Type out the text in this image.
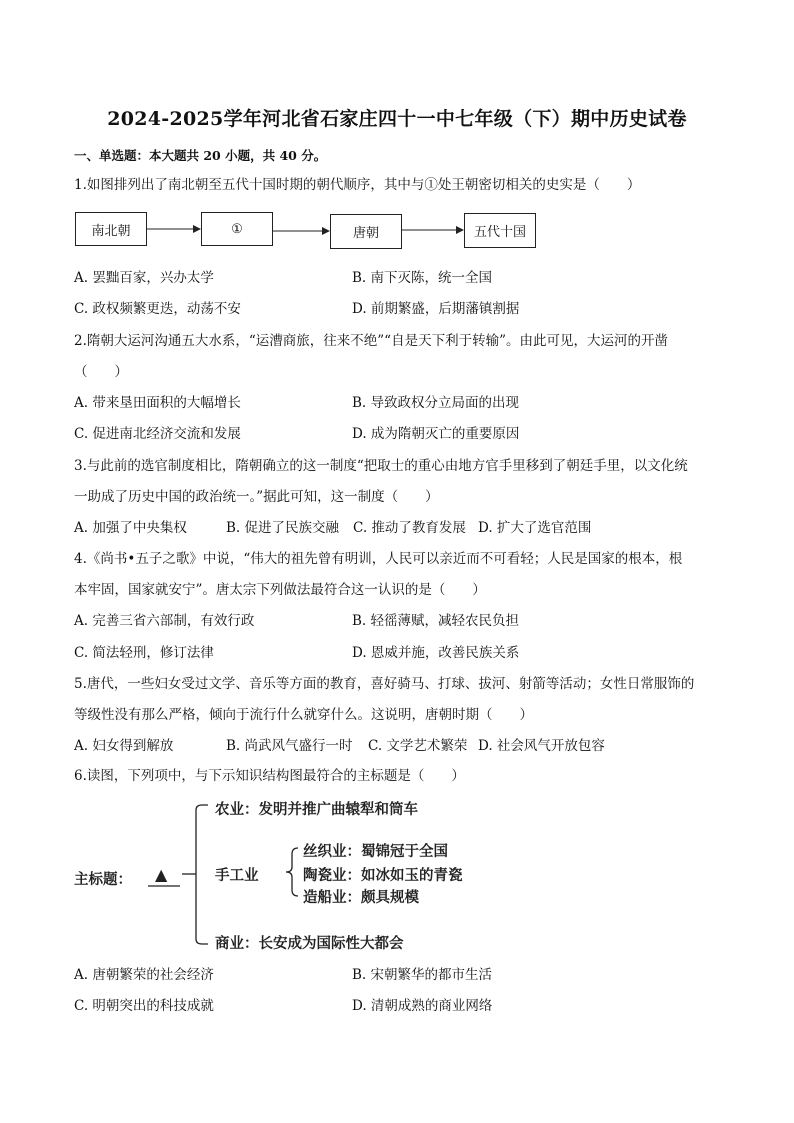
2024-2025学年河北省石家庄四十一中七年级（下）期中历史试卷
一、单选题：本大题共 20 小题，共 40 分。
1.如图排列出了南北朝至五代十国时期的朝代顺序，其中与①处王朝密切相关的史实是（　　）
南北朝	①	唐朝	五代十国
A. 罢黜百家，兴办太学	B. 南下灭陈，统一全国
C. 政权频繁更迭，动荡不安	D. 前期繁盛，后期藩镇割据
2.隋朝大运河沟通五大水系，“运漕商旅，往来不绝”“自是天下利于转输”。由此可见，大运河的开凿
（　　）
A. 带来垦田面积的大幅增长	B. 导致政权分立局面的出现
C. 促进南北经济交流和发展	D. 成为隋朝灭亡的重要原因
3.与此前的选官制度相比，隋朝确立的这一制度“把取士的重心由地方官手里移到了朝廷手里，以文化统
一助成了历史中国的政治统一。”据此可知，这一制度（　　）
A. 加强了中央集权	B. 促进了民族交融 C. 推动了教育发展 D. 扩大了选官范围
4.《尚书•五子之歌》中说，“伟大的祖先曾有明训，人民可以亲近而不可看轻；人民是国家的根本，根
本牢固，国家就安宁”。唐太宗下列做法最符合这一认识的是（　　）
A. 完善三省六部制，有效行政	B. 轻徭薄赋，减轻农民负担
C. 简法轻刑，修订法律	D. 恩威并施，改善民族关系
5.唐代，一些妇女受过文学、音乐等方面的教育，喜好骑马、打球、拔河、射箭等活动；女性日常服饰的
等级性没有那么严格，倾向于流行什么就穿什么。这说明，唐朝时期（　　）
A. 妇女得到解放	B. 尚武风气盛行一时 C. 文学艺术繁荣 D. 社会风气开放包容
6.读图，下列项中，与下示知识结构图最符合的主标题是（　　）
主标题： ▲
农业：发明并推广曲辕犁和筒车
手工业
丝织业：蜀锦冠于全国
陶瓷业：如冰如玉的青瓷
造船业：颇具规模
商业：长安成为国际性大都会
A. 唐朝繁荣的社会经济	B. 宋朝繁华的都市生活
C. 明朝突出的科技成就	D. 清朝成熟的商业网络
